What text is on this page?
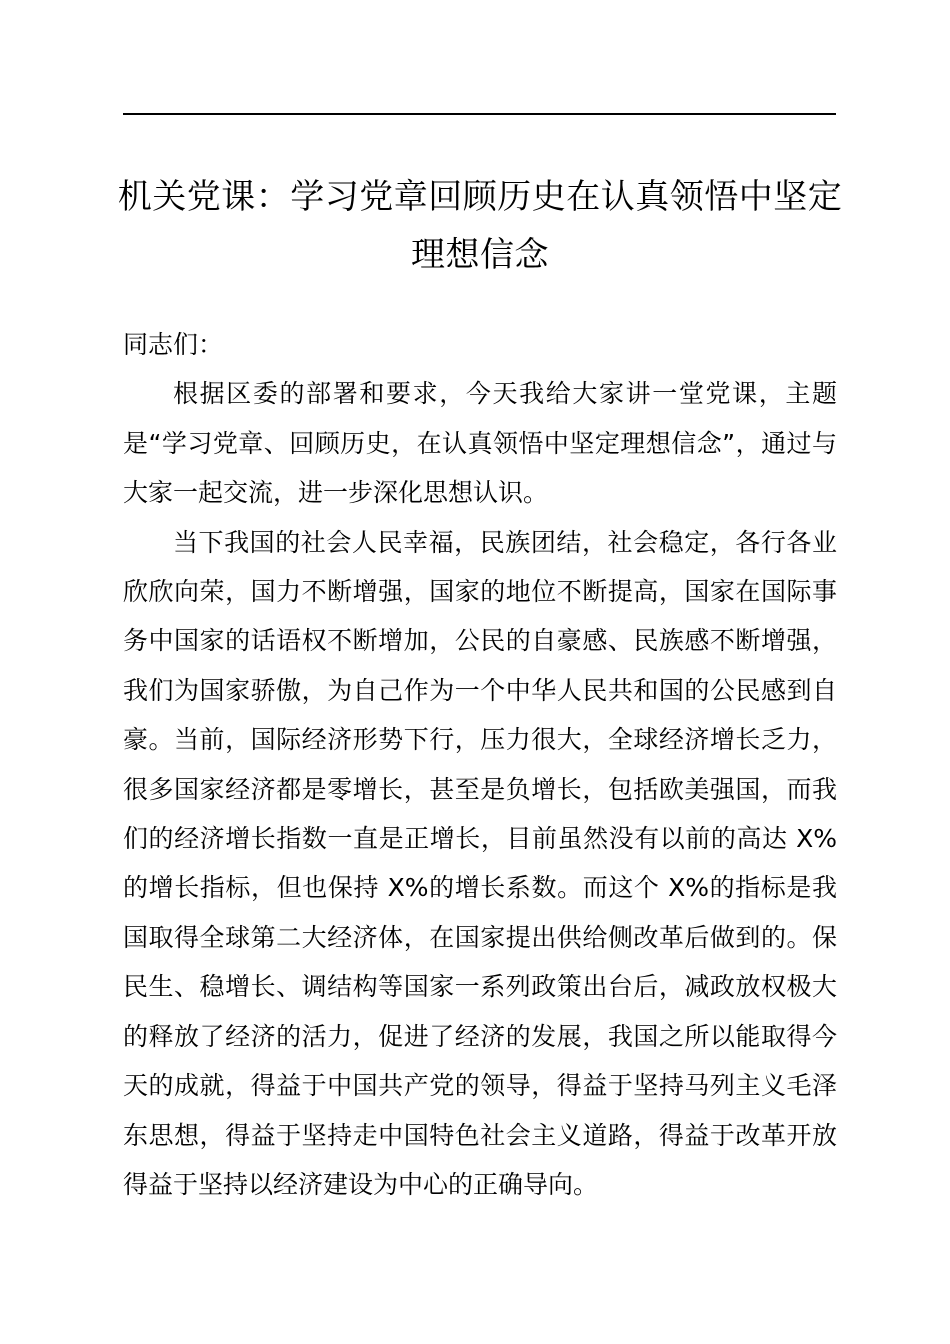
机关党课：学习党章回顾历史在认真领悟中坚定理想信念

同志们：

根据区委的部署和要求，今天我给大家讲一堂党课，主题是“学习党章、回顾历史，在认真领悟中坚定理想信念”，通过与大家一起交流，进一步深化思想认识。

当下我国的社会人民幸福，民族团结，社会稳定，各行各业欣欣向荣，国力不断增强，国家的地位不断提高，国家在国际事务中国家的话语权不断增加，公民的自豪感、民族感不断增强，我们为国家骄傲，为自己作为一个中华人民共和国的公民感到自豪。当前，国际经济形势下行，压力很大，全球经济增长乏力，很多国家经济都是零增长，甚至是负增长，包括欧美强国，而我们的经济增长指数一直是正增长，目前虽然没有以前的高达 X%的增长指标，但也保持 X%的增长系数。而这个 X%的指标是我国取得全球第二大经济体，在国家提出供给侧改革后做到的。保民生、稳增长、调结构等国家一系列政策出台后，减政放权极大的释放了经济的活力，促进了经济的发展，我国之所以能取得今天的成就，得益于中国共产党的领导，得益于坚持马列主义毛泽东思想，得益于坚持走中国特色社会主义道路，得益于改革开放得益于坚持以经济建设为中心的正确导向。
